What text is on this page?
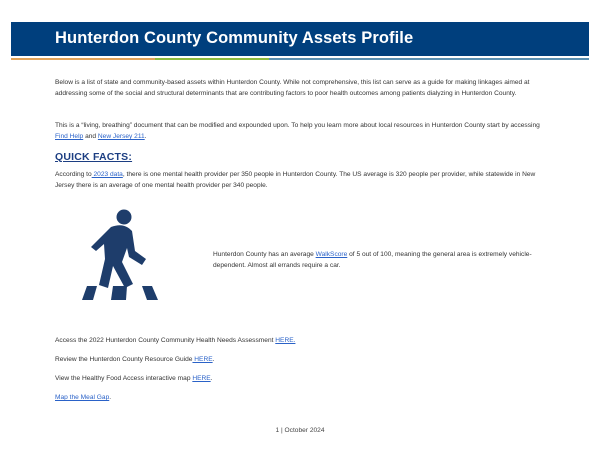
Hunterdon County Community Assets Profile

Below is a list of state and community-based assets within Hunterdon County. While not comprehensive, this list can serve as a guide for making linkages aimed at addressing some of the social and structural determinants that are contributing factors to poor health outcomes among patients dialyzing in Hunterdon County.

This is a “living, breathing” document that can be modified and expounded upon. To help you learn more about local resources in Hunterdon County start by accessing Find Help and New Jersey 211.

QUICK FACTS:

According to 2023 data, there is one mental health provider per 350 people in Hunterdon County. The US average is 320 people per provider, while statewide in New Jersey there is an average of one mental health provider per 340 people.

Hunterdon County has an average WalkScore of 5 out of 100, meaning the general area is extremely vehicle-dependent. Almost all errands require a car.

Access the 2022 Hunterdon County Community Health Needs Assessment HERE.

Review the Hunterdon County Resource Guide HERE.

View the Healthy Food Access interactive map HERE.

Map the Meal Gap.

1 | October 2024
